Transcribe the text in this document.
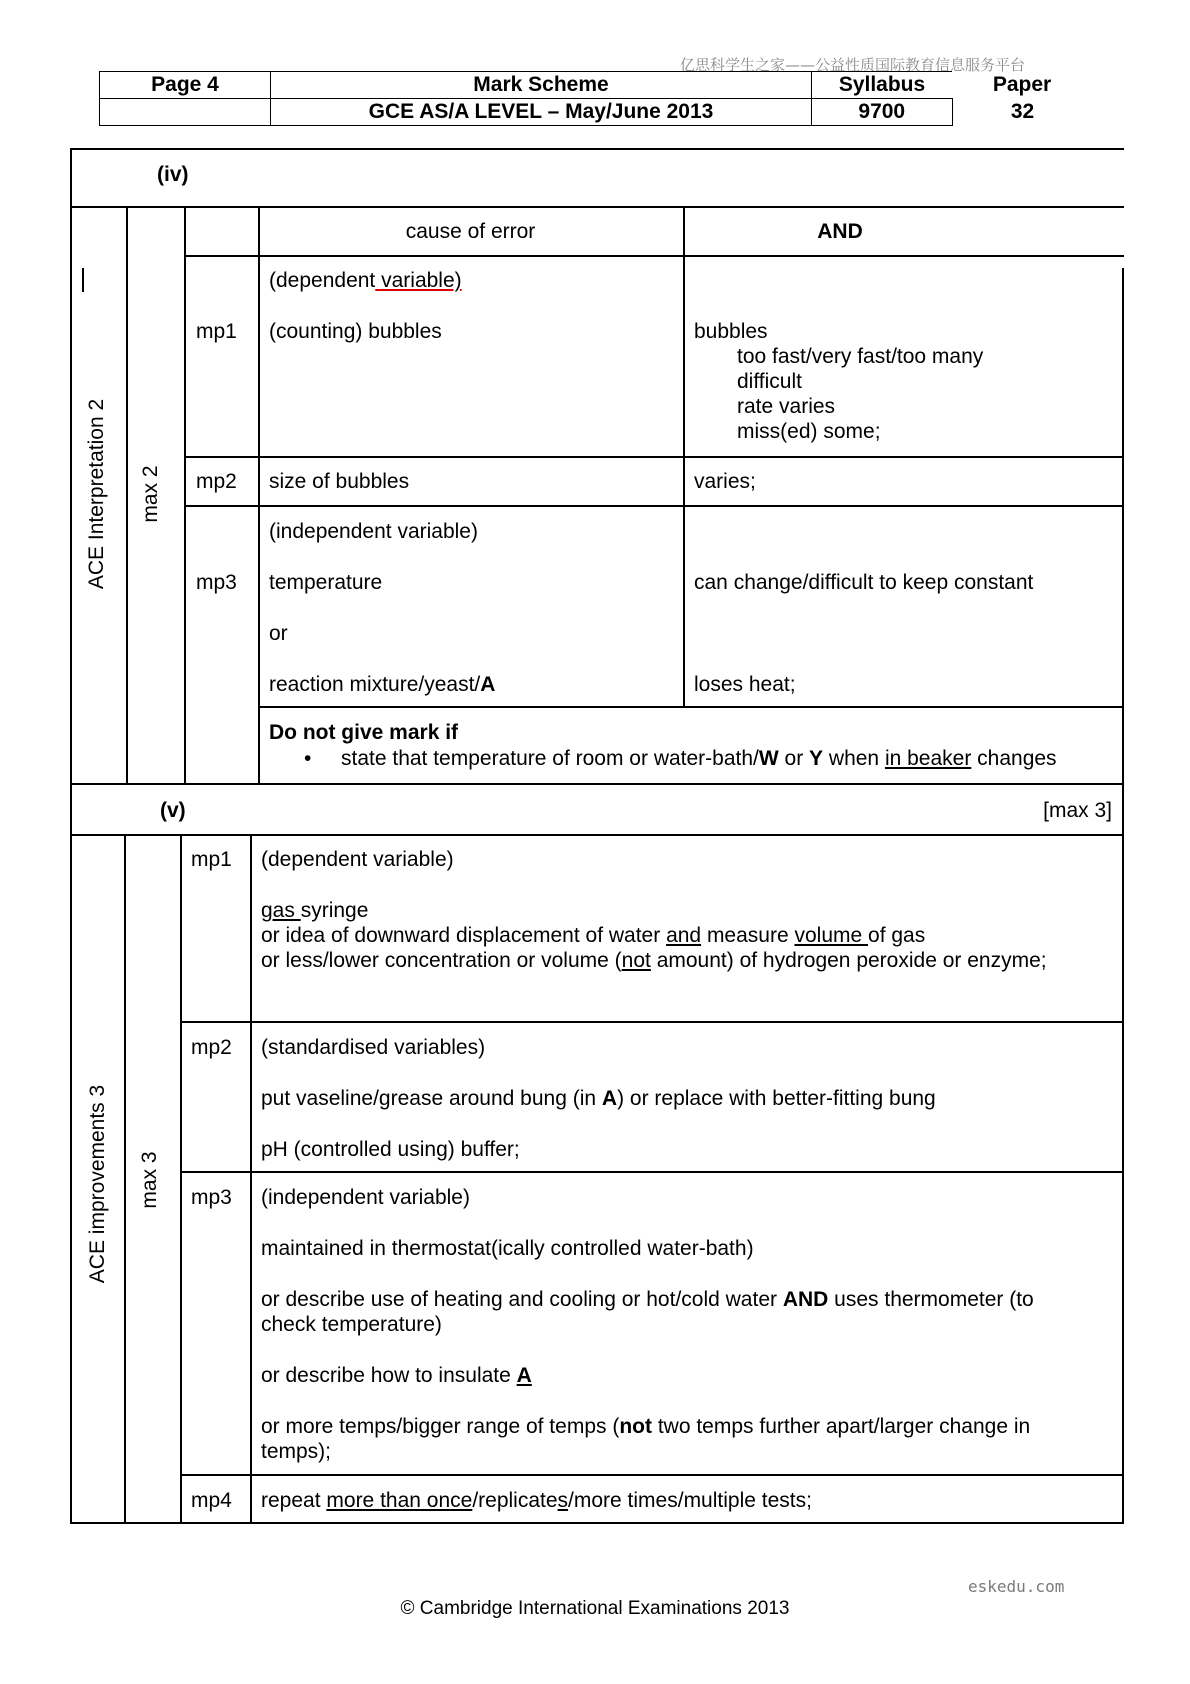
亿思科学生之家——公益性质国际教育信息服务平台
Page 4	Mark Scheme	Syllabus	Paper
	GCE AS/A LEVEL – May/June 2013	9700	32
(iv)
ACE Interpretation 2 max 2
cause of error	AND
(dependent variable)
mp1 (counting) bubbles	bubbles
too fast/very fast/too many
difficult
rate varies
miss(ed) some;
mp2 size of bubbles	varies;
(independent variable)
mp3 temperature	can change/difficult to keep constant
or
reaction mixture/yeast/A	loses heat;
Do not give mark if
• state that temperature of room or water-bath/W or Y when in beaker changes
(v)	[max 3]
ACE improvements 3 max 3
mp1 (dependent variable)
gas syringe
or idea of downward displacement of water and measure volume of gas
or less/lower concentration or volume (not amount) of hydrogen peroxide or enzyme;
mp2 (standardised variables)
put vaseline/grease around bung (in A) or replace with better-fitting bung
pH (controlled using) buffer;
mp3 (independent variable)
maintained in thermostat(ically controlled water-bath)
or describe use of heating and cooling or hot/cold water AND uses thermometer (to
check temperature)
or describe how to insulate A
or more temps/bigger range of temps (not two temps further apart/larger change in
temps);
mp4 repeat more than once/replicates/more times/multiple tests;
eskedu.com
© Cambridge International Examinations 2013
